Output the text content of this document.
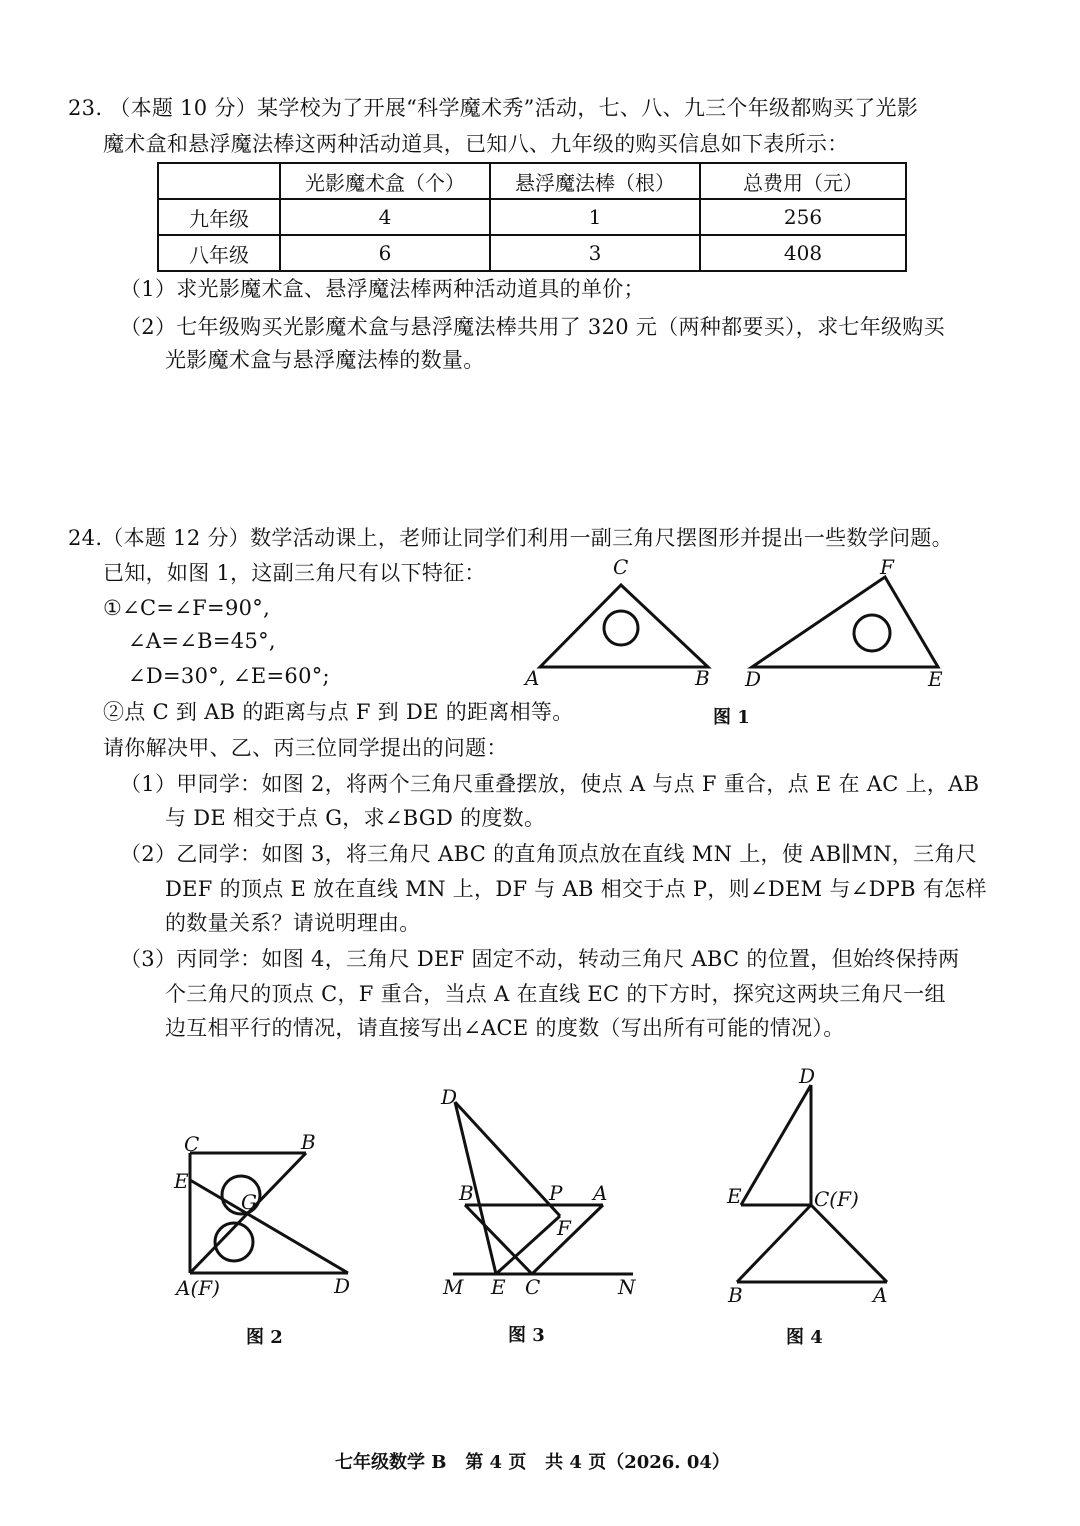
23. （本题 10 分）某学校为了开展“科学魔术秀”活动，七、八、九三个年级都购买了光影
魔术盒和悬浮魔法棒这两种活动道具，已知八、九年级的购买信息如下表所示：
	光影魔术盒（个）	悬浮魔法棒（根）	总费用（元）
九年级	4	1	256
八年级	6	3	408
（1）求光影魔术盒、悬浮魔法棒两种活动道具的单价；
（2）七年级购买光影魔术盒与悬浮魔法棒共用了 320 元（两种都要买），求七年级购买
光影魔术盒与悬浮魔法棒的数量。
24.（本题 12 分）数学活动课上，老师让同学们利用一副三角尺摆图形并提出一些数学问题。
已知，如图 1，这副三角尺有以下特征：
①∠C=∠F=90°,
∠A=∠B=45°,
∠D=30°, ∠E=60°;
②点 C 到 AB 的距离与点 F 到 DE 的距离相等。
请你解决甲、乙、丙三位同学提出的问题：
（1）甲同学：如图 2，将两个三角尺重叠摆放，使点 A 与点 F 重合，点 E 在 AC 上，AB
与 DE 相交于点 G，求∠BGD 的度数。
（2）乙同学：如图 3，将三角尺 ABC 的直角顶点放在直线 MN 上，使 AB∥MN，三角尺
DEF 的顶点 E 放在直线 MN 上，DF 与 AB 相交于点 P，则∠DEM 与∠DPB 有怎样
的数量关系？请说明理由。
（3）丙同学：如图 4，三角尺 DEF 固定不动，转动三角尺 ABC 的位置，但始终保持两
个三角尺的顶点 C，F 重合，当点 A 在直线 EC 的下方时，探究这两块三角尺一组
边互相平行的情况，请直接写出∠ACE 的度数（写出所有可能的情况）。
C
A	B
F
D	E
图 1
C	B
E
G
A(F)	D
图 2
D
B	P A
F
M E C	N
图 3
D
E	C(F)
B	A
图 4
七年级数学 B   第 4 页   共 4 页（2026. 04）
